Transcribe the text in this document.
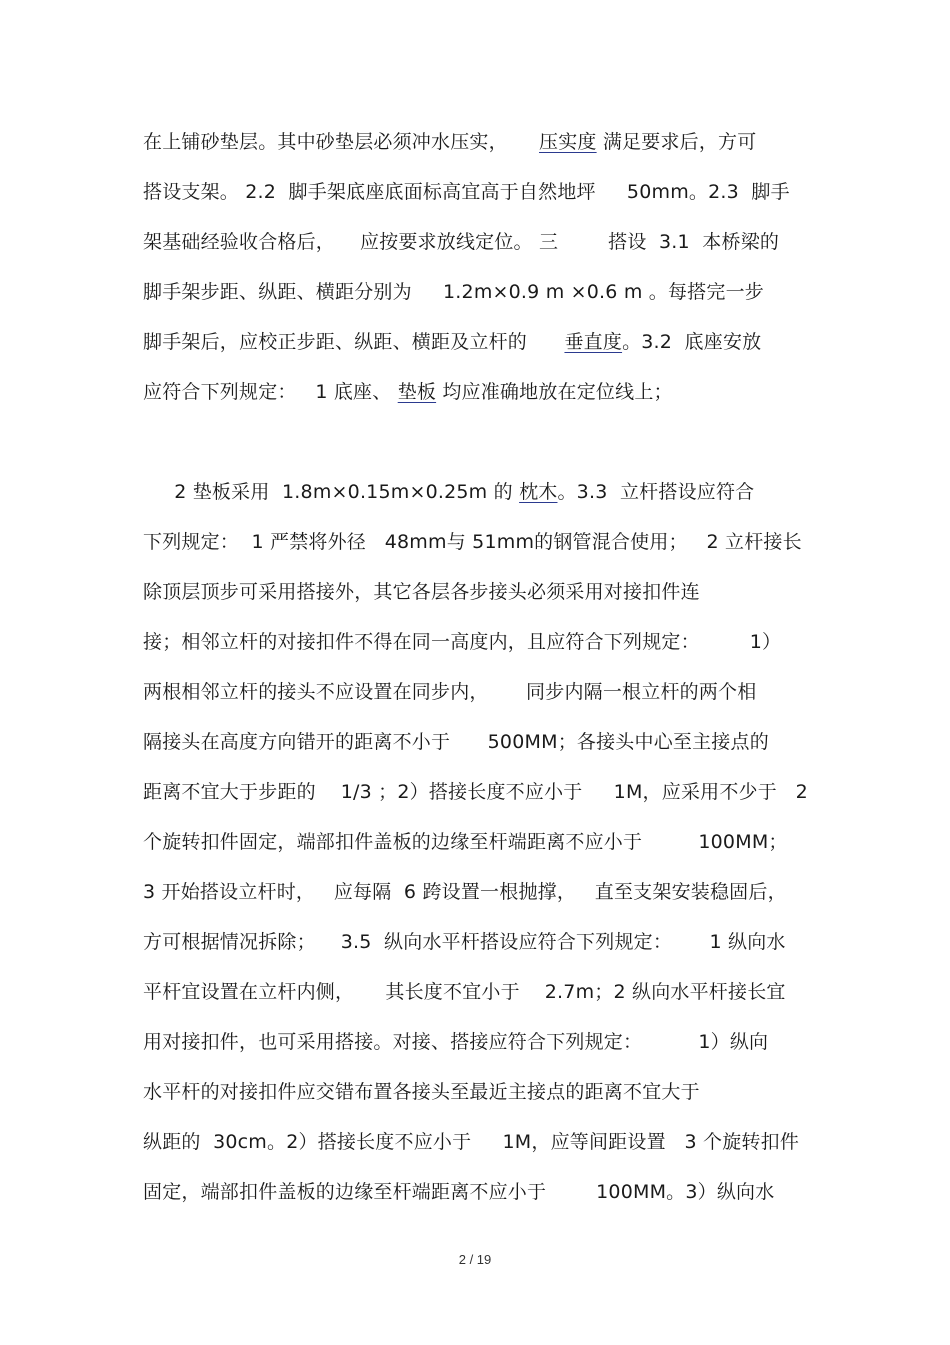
在上铺砂垫层。其中砂垫层必须冲水压实，     压实度 满足要求后，方可
搭设支架。 2.2  脚手架底座底面标高宜高于自然地坪     50mm。2.3  脚手
架基础经验收合格后，    应按要求放线定位。 三        搭设  3.1  本桥梁的
脚手架步距、纵距、横距分别为     1.2m×0.9 m ×0.6 m 。每搭完一步
脚手架后，应校正步距、纵距、横距及立杆的      垂直度。3.2  底座安放
应符合下列规定：   1 底座、 垫板 均应准确地放在定位线上；
2 垫板采用  1.8m×0.15m×0.25m 的 枕木。3.3  立杆搭设应符合
下列规定：  1 严禁将外径   48mm与 51mm的钢管混合使用；   2 立杆接长
除顶层顶步可采用搭接外，其它各层各步接头必须采用对接扣件连
接；相邻立杆的对接扣件不得在同一高度内，且应符合下列规定：        1）
两根相邻立杆的接头不应设置在同步内，      同步内隔一根立杆的两个相
隔接头在高度方向错开的距离不小于      500MM；各接头中心至主接点的
距离不宜大于步距的    1/3 ；2）搭接长度不应小于     1M，应采用不少于   2
个旋转扣件固定，端部扣件盖板的边缘至杆端距离不应小于         100MM；
3 开始搭设立杆时，   应每隔  6 跨设置一根抛撑，   直至支架安装稳固后，
方可根据情况拆除；    3.5  纵向水平杆搭设应符合下列规定：      1 纵向水
平杆宜设置在立杆内侧，     其长度不宜小于    2.7m；2 纵向水平杆接长宜
用对接扣件，也可采用搭接。对接、搭接应符合下列规定：         1）纵向
水平杆的对接扣件应交错布置各接头至最近主接点的距离不宜大于
纵距的  30cm。2）搭接长度不应小于     1M，应等间距设置   3 个旋转扣件
固定，端部扣件盖板的边缘至杆端距离不应小于        100MM。3）纵向水
2 / 19
